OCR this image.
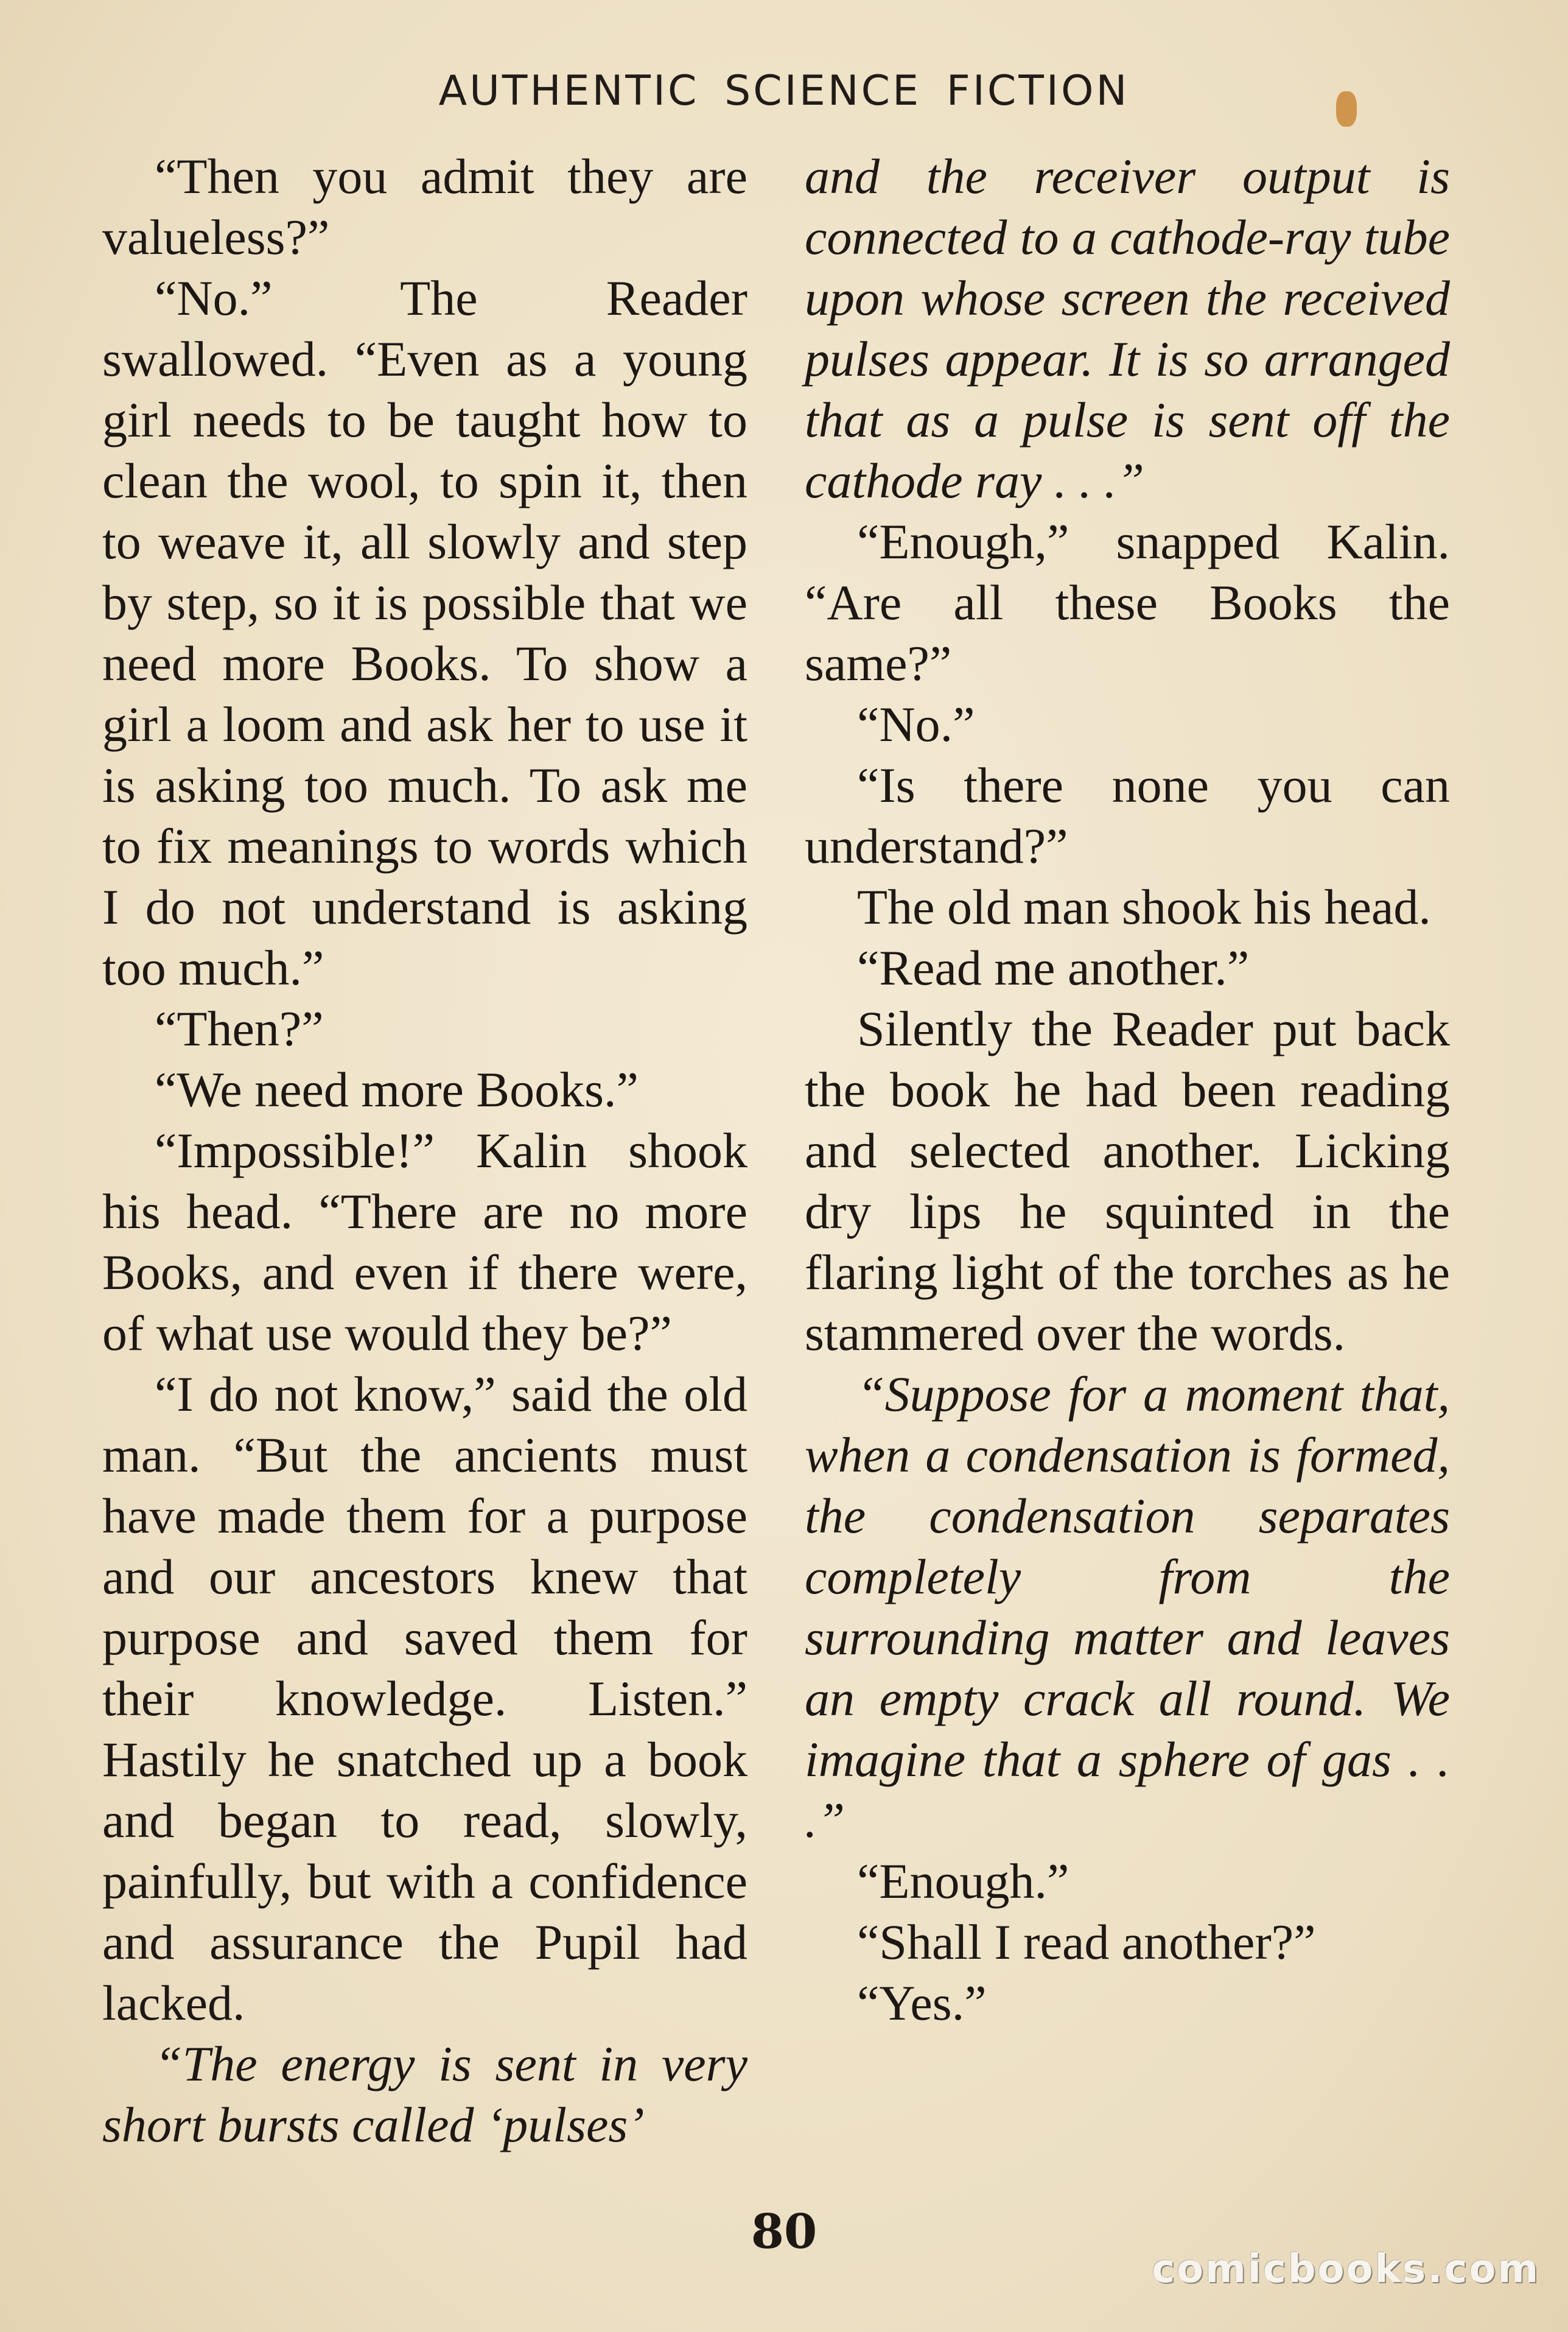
AUTHENTIC SCIENCE FICTION

“Then you admit they are valueless?”

“No.” The Reader swallowed. “Even as a young girl needs to be taught how to clean the wool, to spin it, then to weave it, all slowly and step by step, so it is possible that we need more Books. To show a girl a loom and ask her to use it is asking too much. To ask me to fix meanings to words which I do not understand is asking too much.”

“Then?”

“We need more Books.”

“Impossible!” Kalin shook his head. “There are no more Books, and even if there were, of what use would they be?”

“I do not know,” said the old man. “But the ancients must have made them for a purpose and our ancestors knew that purpose and saved them for their knowledge. Listen.” Hastily he snatched up a book and began to read, slowly, painfully, but with a confidence and assurance the Pupil had lacked.

“The energy is sent in very short bursts called ‘pulses’

and the receiver output is connected to a cathode-ray tube upon whose screen the received pulses appear. It is so arranged that as a pulse is sent off the cathode ray . . .”

“Enough,” snapped Kalin. “Are all these Books the same?”

“No.”

“Is there none you can understand?”

The old man shook his head.

“Read me another.”

Silently the Reader put back the book he had been reading and selected another. Licking dry lips he squinted in the flaring light of the torches as he stammered over the words.

“Suppose for a moment that, when a condensation is formed, the condensation separates completely from the surrounding matter and leaves an empty crack all round. We imagine that a sphere of gas . . .”

“Enough.”

“Shall I read another?”

“Yes.”

80
comicbooks.com
